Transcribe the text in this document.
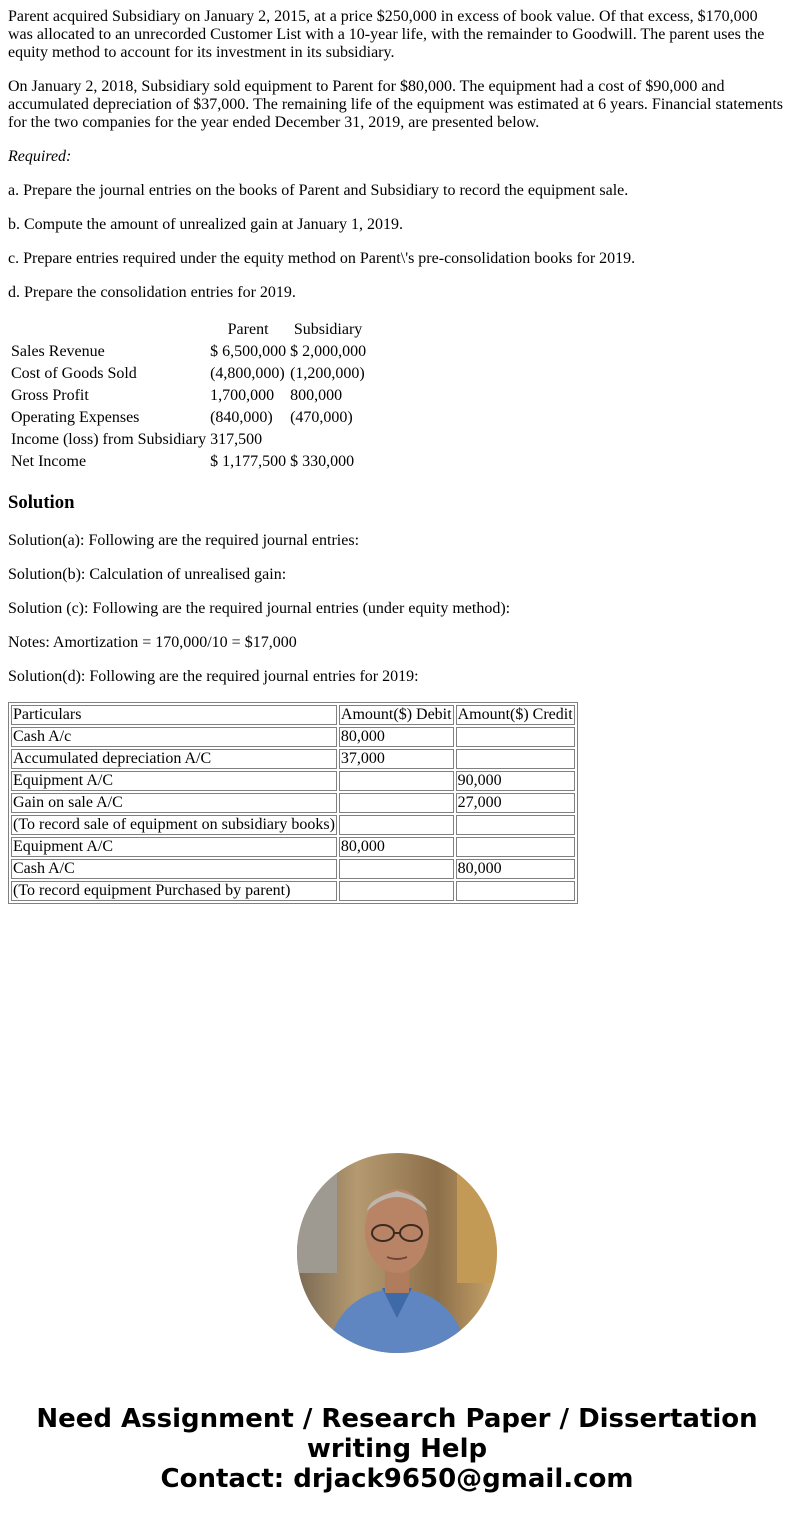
Parent acquired Subsidiary on January 2, 2015, at a price $250,000 in excess of book value. Of that excess, $170,000 was allocated to an unrecorded Customer List with a 10-year life, with the remainder to Goodwill. The parent uses the equity method to account for its investment in its subsidiary.

On January 2, 2018, Subsidiary sold equipment to Parent for $80,000. The equipment had a cost of $90,000 and accumulated depreciation of $37,000. The remaining life of the equipment was estimated at 6 years. Financial statements for the two companies for the year ended December 31, 2019, are presented below.

Required:

a. Prepare the journal entries on the books of Parent and Subsidiary to record the equipment sale.

b. Compute the amount of unrealized gain at January 1, 2019.

c. Prepare entries required under the equity method on Parent\'s pre-consolidation books for 2019.

d. Prepare the consolidation entries for 2019.

	Parent	Subsidiary
Sales Revenue	$ 6,500,000	$ 2,000,000
Cost of Goods Sold	(4,800,000)	(1,200,000)
Gross Profit	1,700,000	800,000
Operating Expenses	(840,000)	(470,000)
Income (loss) from Subsidiary	317,500	
Net Income	$ 1,177,500	$ 330,000
Solution

Solution(a): Following are the required journal entries:

Solution(b): Calculation of unrealised gain:

Solution (c): Following are the required journal entries (under equity method):

Notes: Amortization = 170,000/10 = $17,000

Solution(d): Following are the required journal entries for 2019:

Particulars	Amount($) Debit	Amount($) Credit
Cash A/c	80,000	
Accumulated depreciation A/C	37,000	
Equipment A/C		90,000
Gain on sale A/C		27,000
(To record sale of equipment on subsidiary books)		
Equipment A/C	80,000	
Cash A/C		80,000
(To record equipment Purchased by parent)		
Need Assignment / Research Paper / Dissertation
writing Help
Contact: drjack9650@gmail.com
